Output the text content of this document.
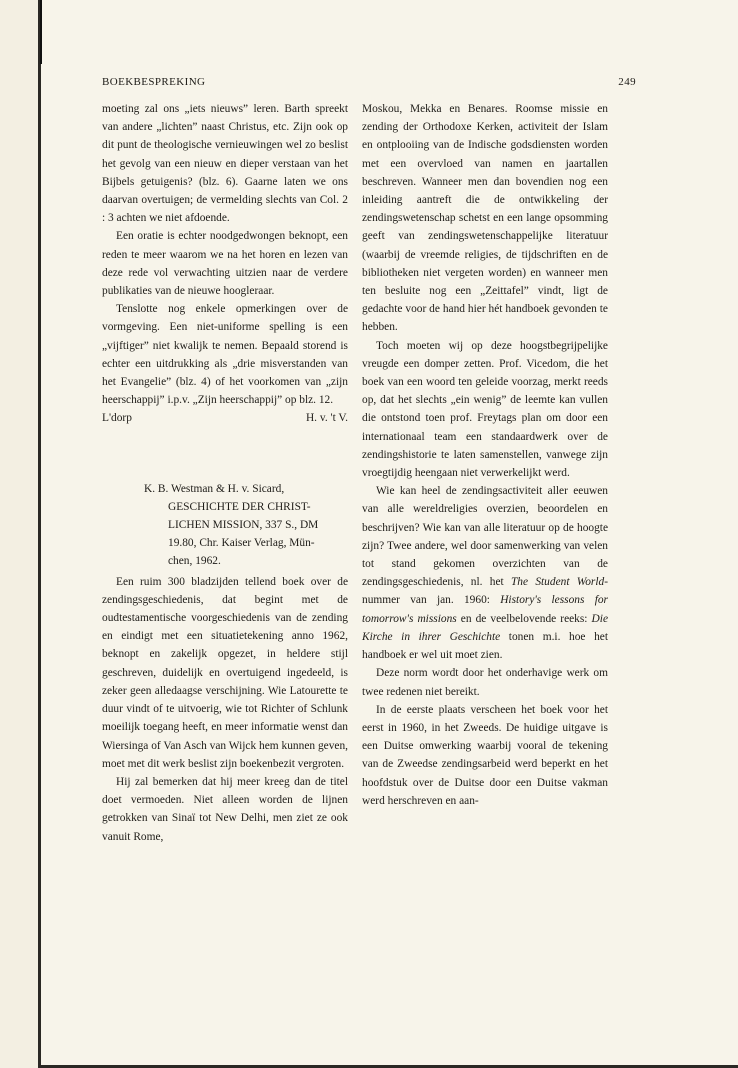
BOEKBESPREKING	249

moeting zal ons „iets nieuws” leren. Barth spreekt van andere „lichten” naast Christus, etc. Zijn ook op dit punt de theologische vernieuwingen wel zo beslist het gevolg van een nieuw en dieper verstaan van het Bijbels getuigenis? (blz. 6). Gaarne laten we ons daarvan overtuigen; de vermelding slechts van Col. 2 : 3 achten we niet afdoende.

Een oratie is echter noodgedwongen beknopt, een reden te meer waarom we na het horen en lezen van deze rede vol verwachting uitzien naar de verdere publikaties van de nieuwe hoogleraar.

Tenslotte nog enkele opmerkingen over de vormgeving. Een niet-uniforme spelling is een „vijftiger” niet kwalijk te nemen. Bepaald storend is echter een uitdrukking als „drie misverstanden van het Evangelie” (blz. 4) of het voorkomen van „zijn heerschappij” i.p.v. „Zijn heerschappij” op blz. 12.

L'dorp	H. v. 't V.
K. B. Westman & H. v. Sicard,
GESCHICHTE DER CHRIST-
LICHEN MISSION, 337 S., DM
19.80, Chr. Kaiser Verlag, Mün-
chen, 1962.

Een ruim 300 bladzijden tellend boek over de zendingsgeschiedenis, dat begint met de oudtestamentische voorgeschiedenis van de zending en eindigt met een situatietekening anno 1962, beknopt en zakelijk opgezet, in heldere stijl geschreven, duidelijk en overtuigend ingedeeld, is zeker geen alledaagse verschijning. Wie Latourette te duur vindt of te uitvoerig, wie tot Richter of Schlunk moeilijk toegang heeft, en meer informatie wenst dan Wiersinga of Van Asch van Wijck hem kunnen geven, moet met dit werk beslist zijn boekenbezit vergroten.

Hij zal bemerken dat hij meer kreeg dan de titel doet vermoeden. Niet alleen worden de lijnen getrokken van Sinaï tot New Delhi, men ziet ze ook vanuit Rome,

Moskou, Mekka en Benares. Roomse missie en zending der Orthodoxe Kerken, activiteit der Islam en ontplooiing van de Indische godsdiensten worden met een overvloed van namen en jaartallen beschreven. Wanneer men dan bovendien nog een inleiding aantreft die de ontwikkeling der zendingswetenschap schetst en een lange opsomming geeft van zendingswetenschappelijke literatuur (waarbij de vreemde religies, de tijdschriften en de bibliotheken niet vergeten worden) en wanneer men ten besluite nog een „Zeittafel” vindt, ligt de gedachte voor de hand hier hét handboek gevonden te hebben.

Toch moeten wij op deze hoogstbegrijpelijke vreugde een domper zetten. Prof. Vicedom, die het boek van een woord ten geleide voorzag, merkt reeds op, dat het slechts „ein wenig” de leemte kan vullen die ontstond toen prof. Freytags plan om door een internationaal team een standaardwerk over de zendingshistorie te laten samenstellen, vanwege zijn vroegtijdig heengaan niet verwerkelijkt werd.

Wie kan heel de zendingsactiviteit aller eeuwen van alle wereldreligies overzien, beoordelen en beschrijven? Wie kan van alle literatuur op de hoogte zijn? Twee andere, wel door samenwerking van velen tot stand gekomen overzichten van de zendingsgeschiedenis, nl. het The Student World-nummer van jan. 1960: History's lessons for tomorrow's missions en de veelbelovende reeks: Die Kirche in ihrer Geschichte tonen m.i. hoe het handboek er wel uit moet zien.

Deze norm wordt door het onderhavige werk om twee redenen niet bereikt.

In de eerste plaats verscheen het boek voor het eerst in 1960, in het Zweeds. De huidige uitgave is een Duitse omwerking waarbij vooral de tekening van de Zweedse zendingsarbeid werd beperkt en het hoofdstuk over de Duitse door een Duitse vakman werd herschreven en aan-
